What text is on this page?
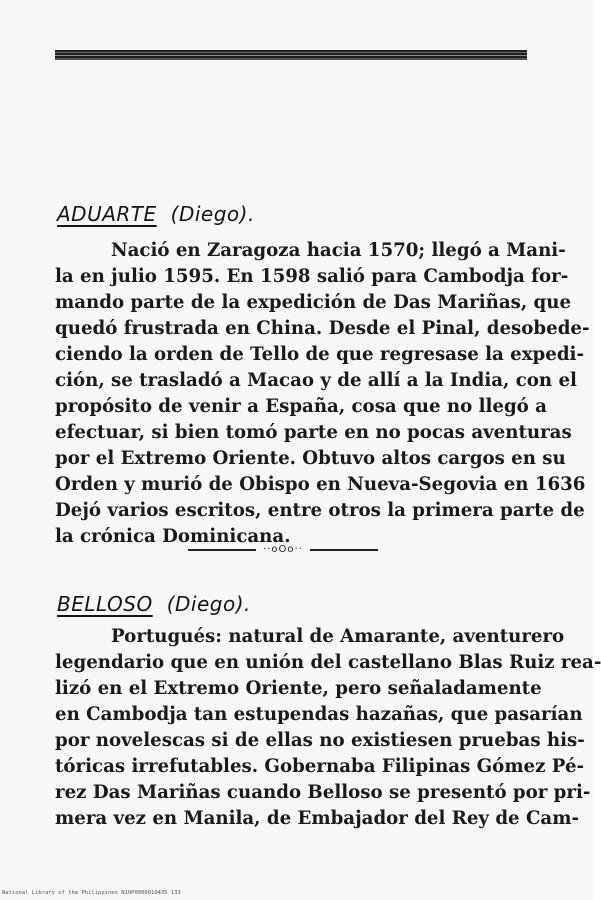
ADUARTE (Diego).
Nació en Zaragoza hacia 1570; llegó a Mani-
la en julio 1595. En 1598 salió para Cambodja for-
mando parte de la expedición de Das Mariñas, que
quedó frustrada en China. Desde el Pinal, desobede-
ciendo la orden de Tello de que regresase la expedi-
ción, se trasladó a Macao y de allí a la India, con el
propósito de venir a España, cosa que no llegó a
efectuar, si bien tomó parte en no pocas aventuras
por el Extremo Oriente. Obtuvo altos cargos en su
Orden y murió de Obispo en Nueva-Segovia en 1636
Dejó varios escritos, entre otros la primera parte de
la crónica Dominicana.
··oOo··
BELLOSO (Diego).
Portugués: natural de Amarante, aventurero
legendario que en unión del castellano Blas Ruiz rea-
lizó en el Extremo Oriente, pero señaladamente
en Cambodja tan estupendas hazañas, que pasarían
por novelescas si de ellas no existiesen pruebas his-
tóricas irrefutables. Gobernaba Filipinas Gómez Pé-
rez Das Mariñas cuando Belloso se presentó por pri-
mera vez en Manila, de Embajador del Rey de Cam-
National Library of the Philippines N10P0000010435 133
